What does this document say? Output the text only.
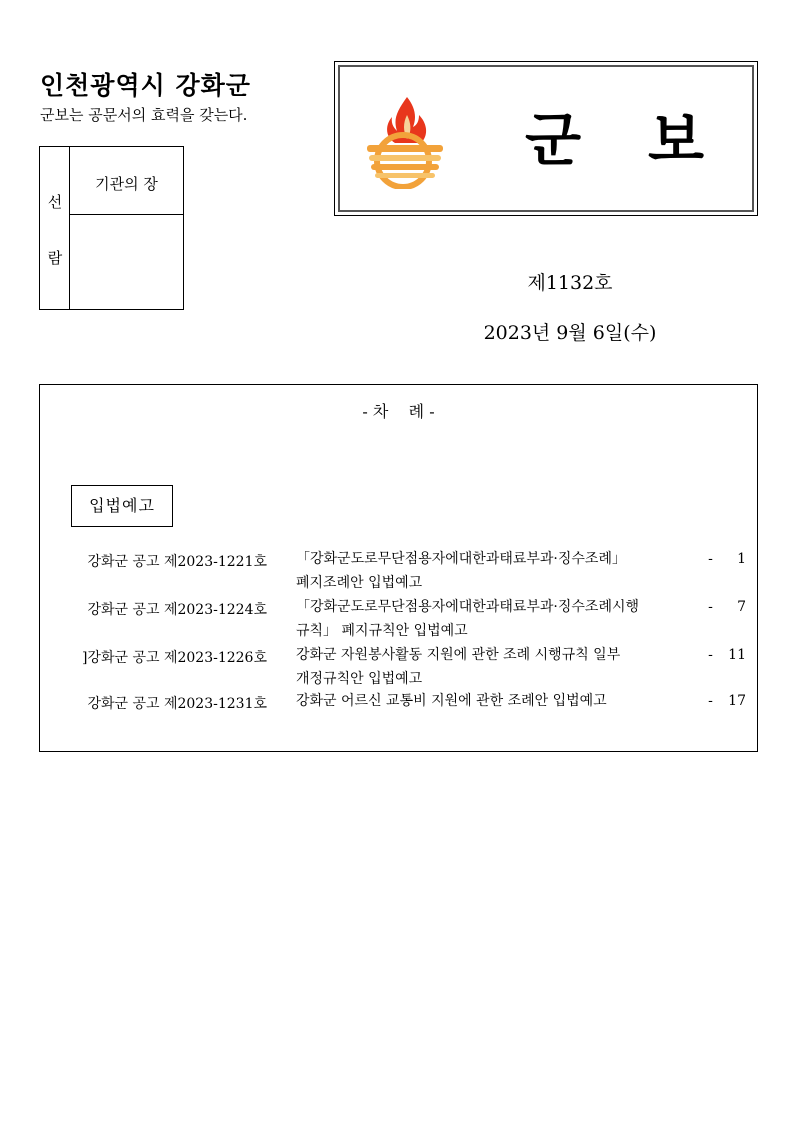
인천광역시 강화군
군보는 공문서의 효력을 갖는다.
선
람
기관의 장
군 보
제1132호
2023년 9월 6일(수)
- 차    례 -
입법예고
강화군 공고 제2023-1221호 「강화군도로무단점용자에대한과태료부과·징수조례」
폐지조례안 입법예고
-	1
강화군 공고 제2023-1224호 「강화군도로무단점용자에대한과태료부과·징수조례시행
규칙」 폐지규칙안 입법예고
-	7
]강화군 공고 제2023-1226호 강화군 자원봉사활동 지원에 관한 조례 시행규칙 일부
개정규칙안 입법예고
-	11
강화군 공고 제2023-1231호 강화군 어르신 교통비 지원에 관한 조례안 입법예고	-	17
